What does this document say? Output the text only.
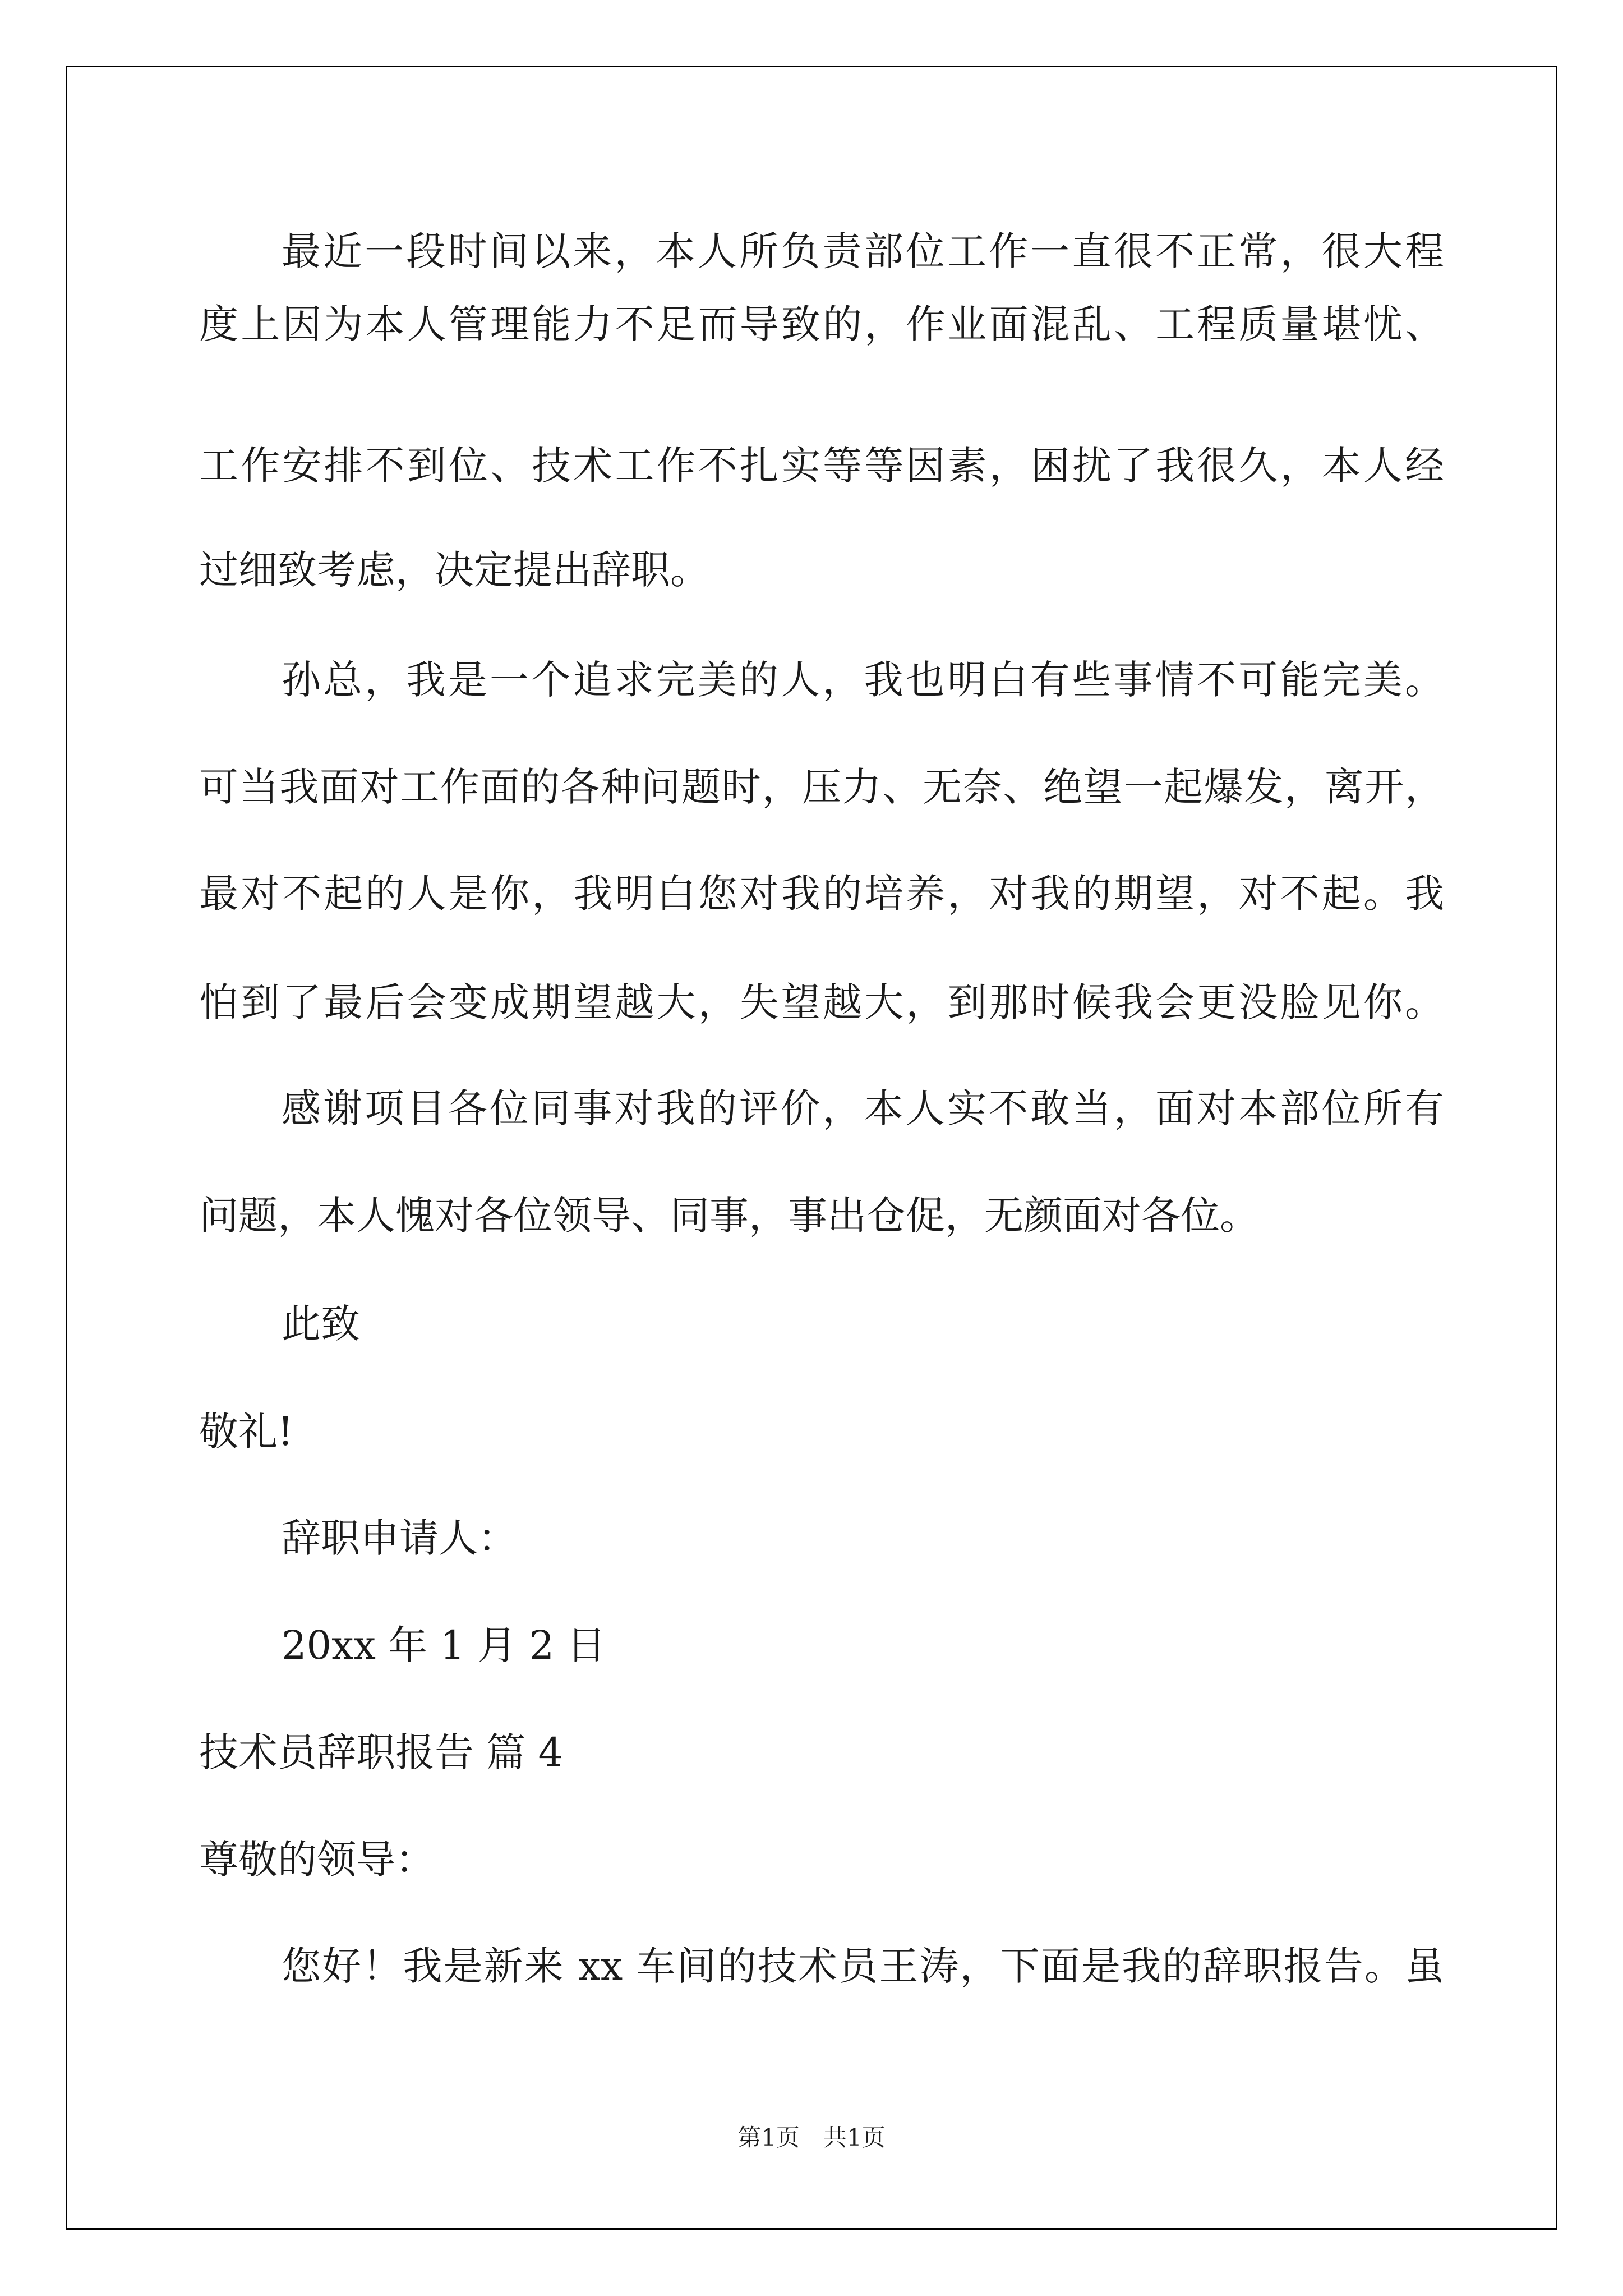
最近一段时间以来，本人所负责部位工作一直很不正常，很大程

度上因为本人管理能力不足而导致的，作业面混乱、工程质量堪忧、

工作安排不到位、技术工作不扎实等等因素，困扰了我很久，本人经

过细致考虑，决定提出辞职。

孙总，我是一个追求完美的人，我也明白有些事情不可能完美。

可当我面对工作面的各种问题时，压力、无奈、绝望一起爆发，离开，

最对不起的人是你，我明白您对我的培养，对我的期望，对不起。我

怕到了最后会变成期望越大，失望越大，到那时候我会更没脸见你。

感谢项目各位同事对我的评价，本人实不敢当，面对本部位所有

问题，本人愧对各位领导、同事，事出仓促，无颜面对各位。

此致

敬礼!

辞职申请人：

20xx 年 1 月 2 日

技术员辞职报告 篇 4

尊敬的领导：

您好！我是新来 xx 车间的技术员王涛，下面是我的辞职报告。虽

第1页　共1页
